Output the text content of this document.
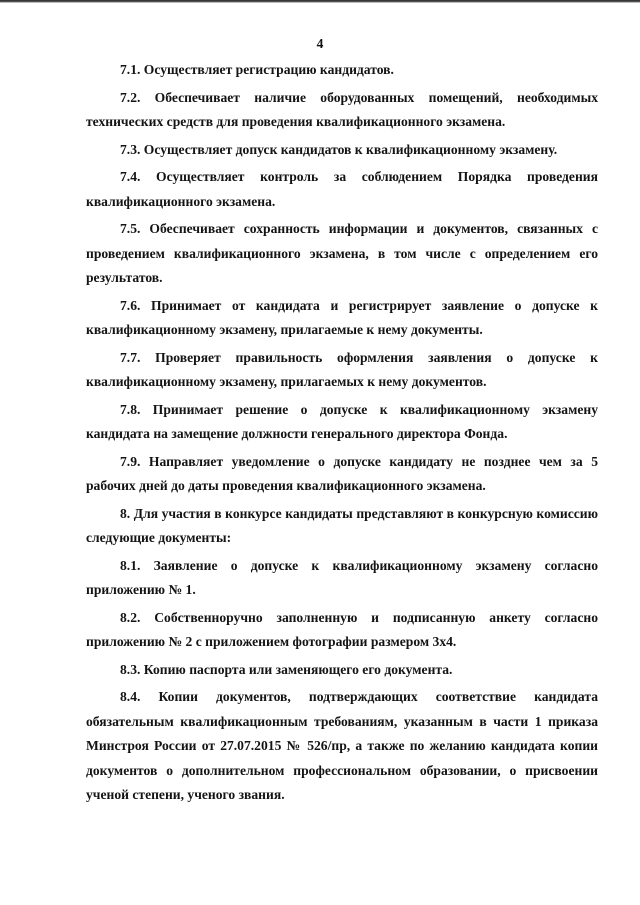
4

7.1. Осуществляет регистрацию кандидатов.

7.2. Обеспечивает наличие оборудованных помещений, необходимых технических средств для проведения квалификационного экзамена.

7.3. Осуществляет допуск кандидатов к квалификационному экзамену.

7.4. Осуществляет контроль за соблюдением Порядка проведения квалификационного экзамена.

7.5. Обеспечивает сохранность информации и документов, связанных с проведением квалификационного экзамена, в том числе с определением его результатов.

7.6. Принимает от кандидата и регистрирует заявление о допуске к квалификационному экзамену, прилагаемые к нему документы.

7.7. Проверяет правильность оформления заявления о допуске к квалификационному экзамену, прилагаемых к нему документов.

7.8. Принимает решение о допуске к квалификационному экзамену кандидата на замещение должности генерального директора Фонда.

7.9. Направляет уведомление о допуске кандидату не позднее чем за 5 рабочих дней до даты проведения квалификационного экзамена.

8. Для участия в конкурсе кандидаты представляют в конкурсную комиссию следующие документы:

8.1. Заявление о допуске к квалификационному экзамену согласно приложению № 1.

8.2. Собственноручно заполненную и подписанную анкету согласно приложению № 2 с приложением фотографии размером 3х4.

8.3. Копию паспорта или заменяющего его документа.

8.4. Копии документов, подтверждающих соответствие кандидата обязательным квалификационным требованиям, указанным в части 1 приказа Минстроя России от 27.07.2015 № 526/пр, а также по желанию кандидата копии документов о дополнительном профессиональном образовании, о присвоении ученой степени, ученого звания.
